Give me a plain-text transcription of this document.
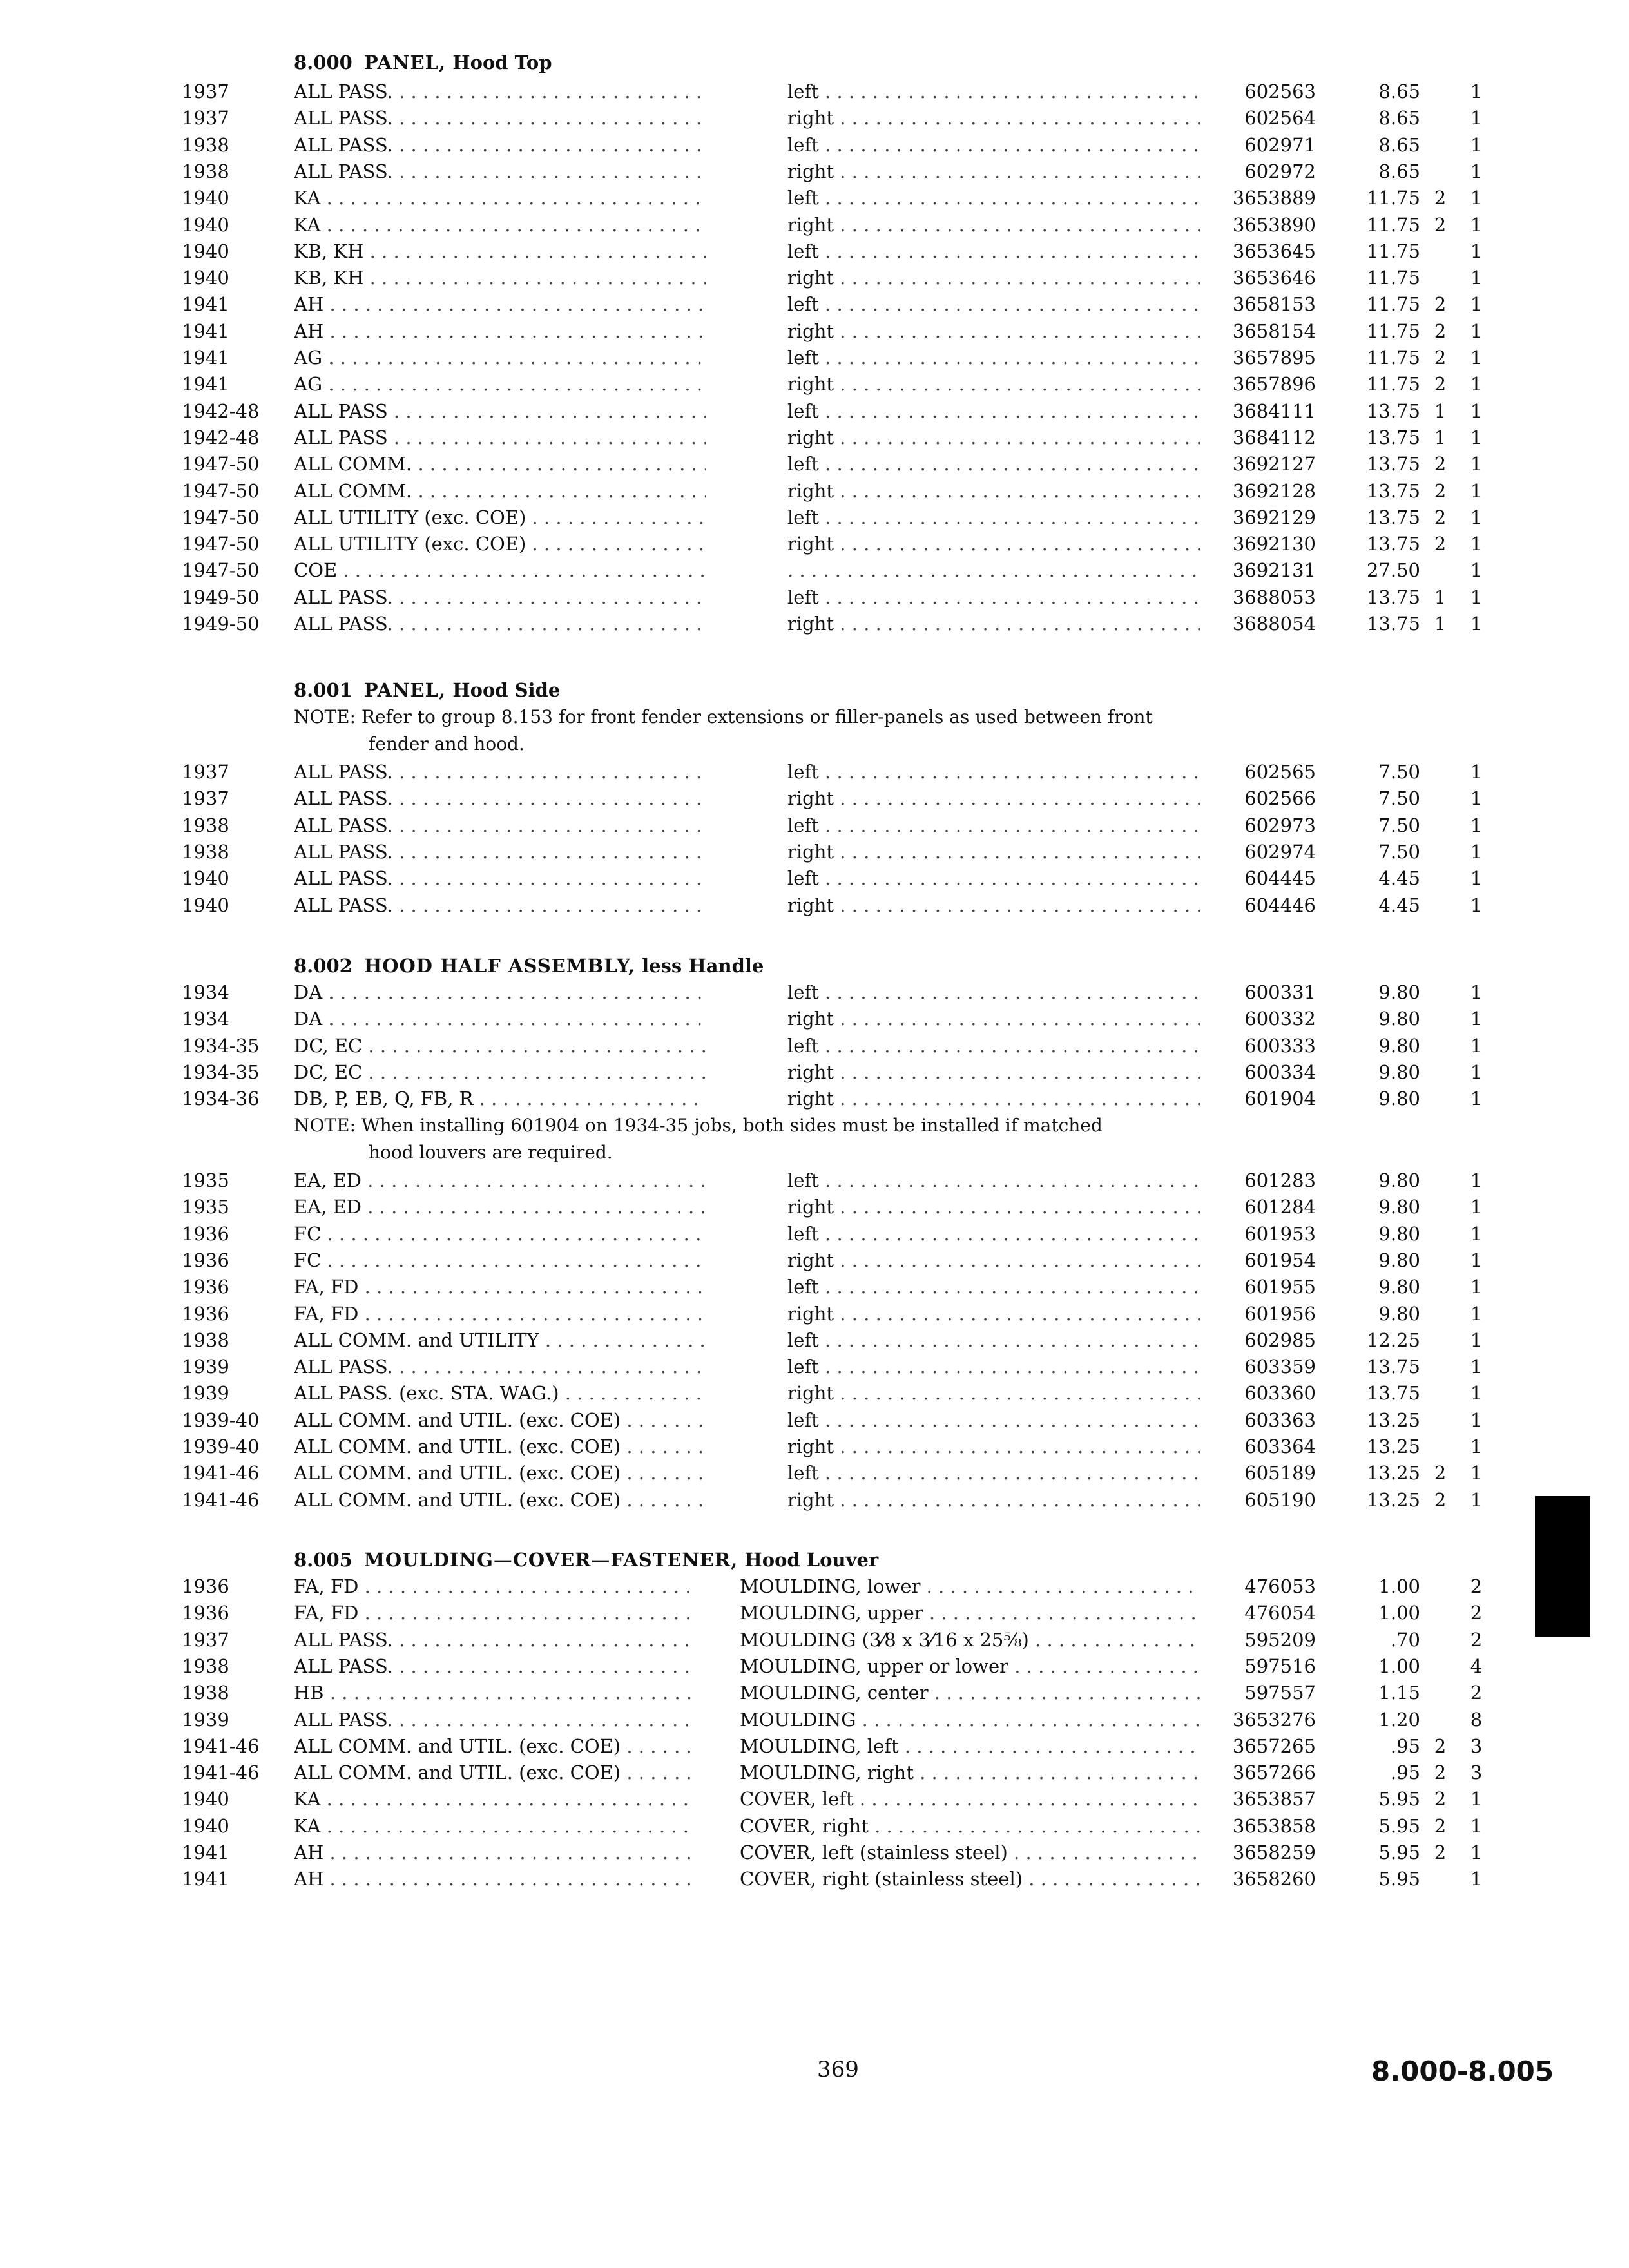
8.000 PANEL, Hood Top
1937	ALL PASS. . . .	left . . .	602563	8.65	1
1937	ALL PASS. . . .	right . . .	602564	8.65	1
1938	ALL PASS. . . .	left . . .	602971	8.65	1
1938	ALL PASS. . . .	right . . .	602972	8.65	1
1940	KA . . .	left . . .	3653889	11.75 2 1
1940	KA . . .	right . . .	3653890	11.75 2 1
1940	KB, KH . . .	left . . .	3653645	11.75	1
1940	KB, KH . . .	right . . .	3653646	11.75	1
1941	AH . . .	left . . .	3658153	11.75 2 1
1941	AH . . .	right . . .	3658154	11.75 2 1
1941	AG . . .	left . . .	3657895	11.75 2 1
1941	AG . . .	right . . .	3657896	11.75 2 1
1942-48 ALL PASS . . .	left . . .	3684111	13.75 1 1
1942-48 ALL PASS . . .	right . . .	3684112	13.75 1 1
1947-50 ALL COMM. . . .	left . . .	3692127	13.75 2 1
1947-50 ALL COMM. . . .	right . . .	3692128	13.75 2 1
1947-50 ALL UTILITY (exc. COE) . . .	left . . .	3692129	13.75 2 1
1947-50 ALL UTILITY (exc. COE) . . .	right . . .	3692130	13.75 2 1
1947-50 COE . . .
. . .	3692131	27.50	1
1949-50 ALL PASS. . . .	left . . .	3688053	13.75 1 1
1949-50 ALL PASS. . . .	right . . .	3688054	13.75 1 1
8.001 PANEL, Hood Side
NOTE: Refer to group 8.153 for front fender extensions or filler-panels as used between front
fender and hood.
1937	ALL PASS. . . .	left . . .	602565	7.50	1
1937	ALL PASS. . . .	right . . .	602566	7.50	1
1938	ALL PASS. . . .	left . . .	602973	7.50	1
1938	ALL PASS. . . .	right . . .	602974	7.50	1
1940	ALL PASS. . . .	left . . .	604445	4.45	1
1940	ALL PASS. . . .	right . . .	604446	4.45	1
8.002 HOOD HALF ASSEMBLY, less Handle
1934	DA . . .	left . . .	600331	9.80	1
1934	DA . . .	right . . .	600332	9.80	1
1934-35 DC, EC . . .	left . . .	600333	9.80	1
1934-35 DC, EC . . .	right . . .	600334	9.80	1
1934-36 DB, P, EB, Q, FB, R . . .	right . . .	601904	9.80	1
NOTE: When installing 601904 on 1934-35 jobs, both sides must be installed if matched
hood louvers are required.
1935	EA, ED . . .	left . . .	601283	9.80	1
1935	EA, ED . . .	right . . .	601284	9.80	1
1936	FC . . .	left . . .	601953	9.80	1
1936	FC . . .	right . . .	601954	9.80	1
1936	FA, FD . . .	left . . .	601955	9.80	1
1936	FA, FD . . .	right . . .	601956	9.80	1
1938	ALL COMM. and UTILITY . . .	left . . .	602985	12.25	1
1939	ALL PASS. . . .	left . . .	603359	13.75	1
1939	ALL PASS. (exc. STA. WAG.) . . .	right . . .	603360	13.75	1
1939-40 ALL COMM. and UTIL. (exc. COE) . . .	left . . .	603363	13.25	1
1939-40 ALL COMM. and UTIL. (exc. COE) . . .	right . . .	603364	13.25	1
1941-46 ALL COMM. and UTIL. (exc. COE) . . .	left . . .	605189	13.25 2 1
1941-46 ALL COMM. and UTIL. (exc. COE) . . .	right . . .	605190	13.25 2 1
8.005 MOULDING—COVER—FASTENER, Hood Louver
1936	FA, FD . . .	MOULDING, lower . . .	476053	1.00	2
1936	FA, FD . . .	MOULDING, upper . . .	476054	1.00	2
1937	ALL PASS. . . .	MOULDING (3⁄8 x 3⁄16 x 25⅝) . . .	595209	.70	2
1938	ALL PASS. . . .	MOULDING, upper or lower . . .	597516	1.00	4
1938	HB . . .	MOULDING, center . . .	597557	1.15	2
1939	ALL PASS. . . .	MOULDING . . .	3653276	1.20	8
1941-46 ALL COMM. and UTIL. (exc. COE) . . .	MOULDING, left . . .	3657265	.95 2 3
1941-46 ALL COMM. and UTIL. (exc. COE) . . .	MOULDING, right . . .	3657266	.95 2 3
1940	KA . . .	COVER, left . . .	3653857	5.95 2 1
1940	KA . . .	COVER, right . . .	3653858	5.95 2 1
1941	AH . . .	COVER, left (stainless steel) . . .	3658259	5.95 2 1
1941	AH . . .	COVER, right (stainless steel) . . .	3658260	5.95	1
369	8.000-8.005
